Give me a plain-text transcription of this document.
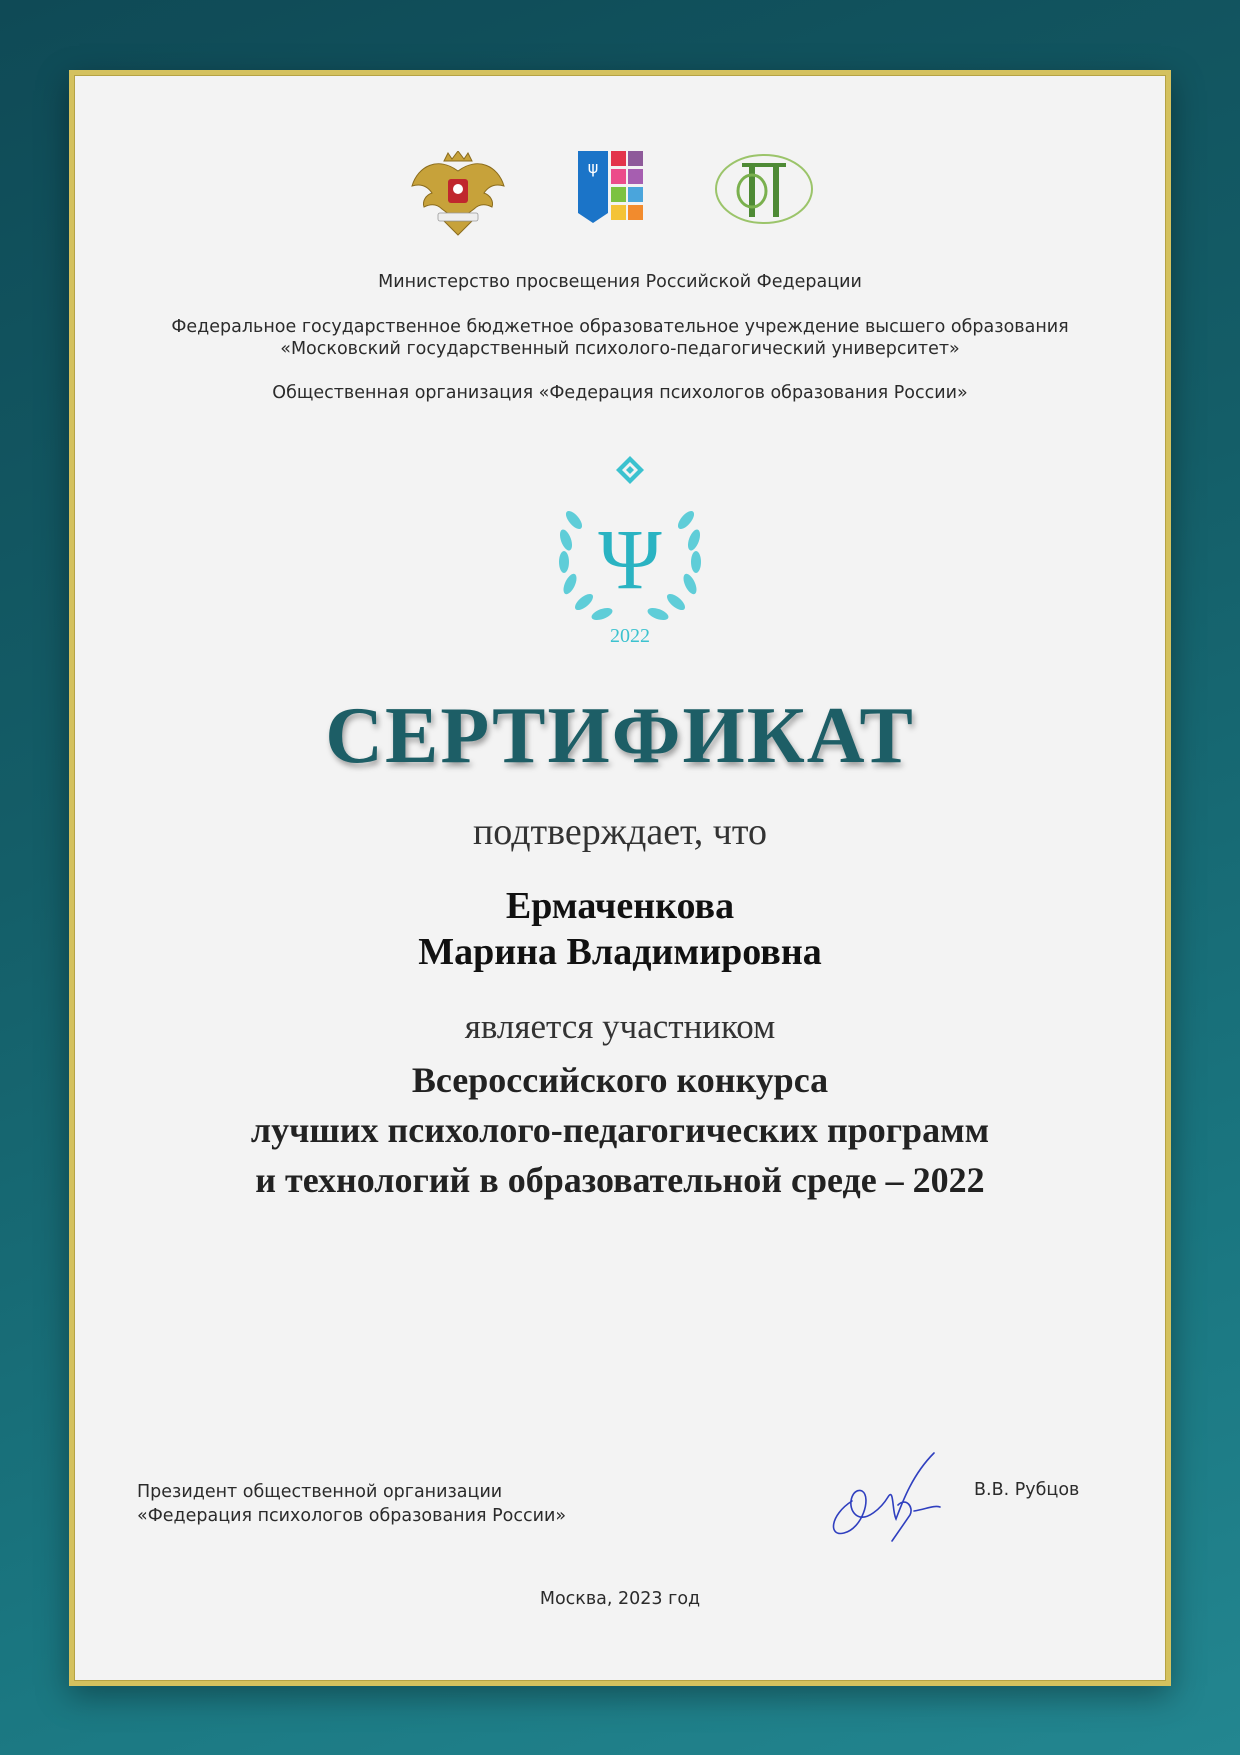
ψ
Министерство просвещения Российской Федерации
Федеральное государственное бюджетное образовательное учреждение высшего образования
«Московский государственный психолого-педагогический университет»
Общественная организация «Федерация психологов образования России»
Ψ
2022
СЕРТИФИКАТ
подтверждает, что
Ермаченкова
Марина Владимировна
является участником
Всероссийского конкурса
лучших психолого-педагогических программ
и технологий в образовательной среде – 2022
Президент общественной организации
«Федерация психологов образования России»
В.В. Рубцов
Москва, 2023 год
